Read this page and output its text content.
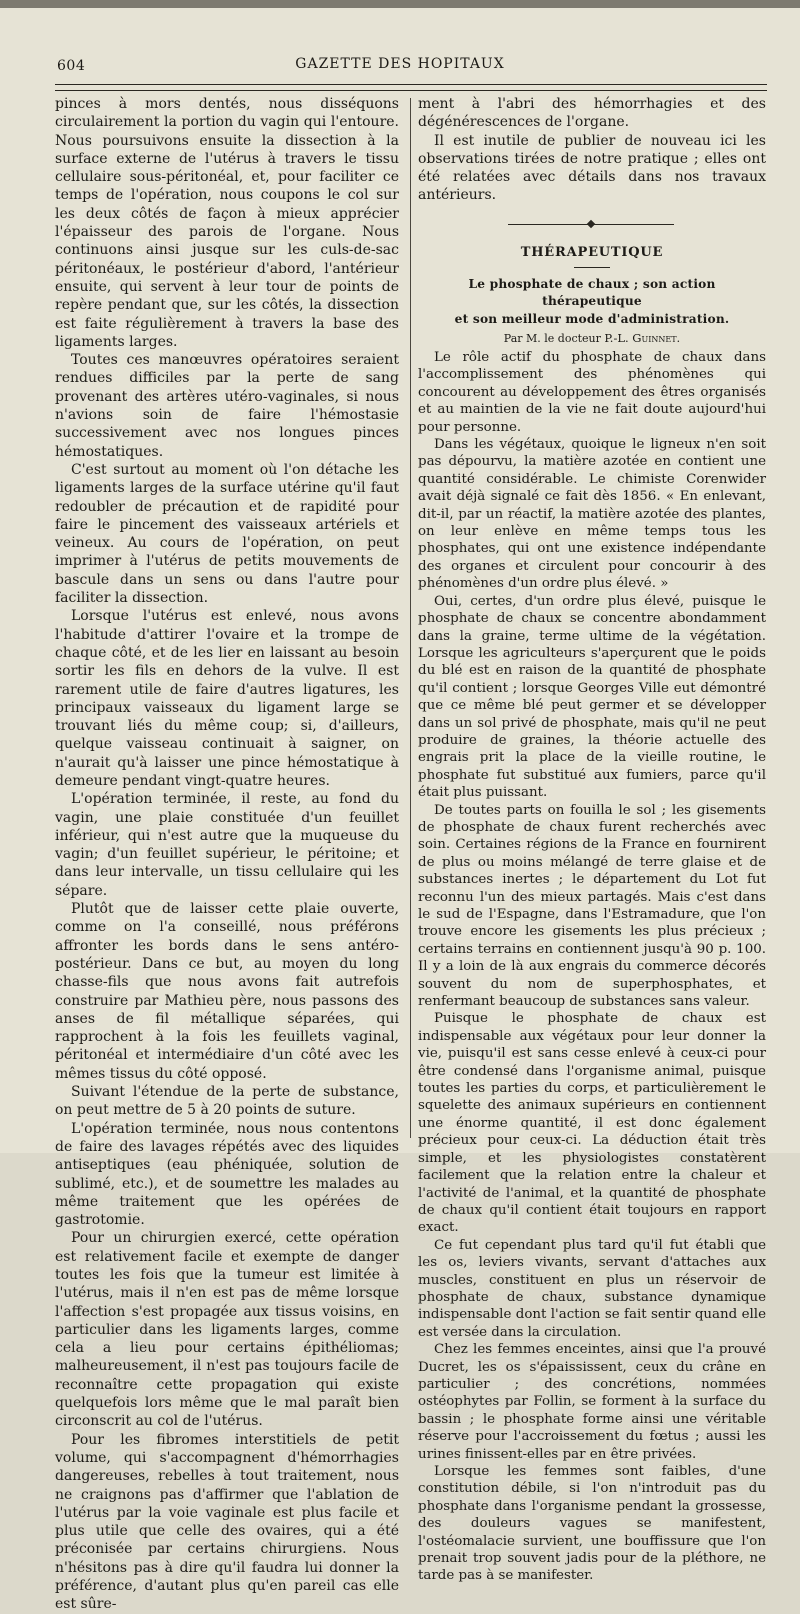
604	GAZETTE DES HOPITAUX

pinces à mors dentés, nous disséquons circulairement la portion du vagin qui l'entoure. Nous poursuivons ensuite la dissection à la surface externe de l'utérus à travers le tissu cellulaire sous-péritonéal, et, pour faciliter ce temps de l'opération, nous coupons le col sur les deux côtés de façon à mieux apprécier l'épaisseur des parois de l'organe. Nous continuons ainsi jusque sur les culs-de-sac péritonéaux, le postérieur d'abord, l'antérieur ensuite, qui servent à leur tour de points de repère pendant que, sur les côtés, la dissection est faite régulièrement à travers la base des ligaments larges.

Toutes ces manœuvres opératoires seraient rendues difficiles par la perte de sang provenant des artères utéro-vaginales, si nous n'avions soin de faire l'hémostasie successivement avec nos longues pinces hémostatiques.

C'est surtout au moment où l'on détache les ligaments larges de la surface utérine qu'il faut redoubler de précaution et de rapidité pour faire le pincement des vaisseaux artériels et veineux. Au cours de l'opération, on peut imprimer à l'utérus de petits mouvements de bascule dans un sens ou dans l'autre pour faciliter la dissection.

Lorsque l'utérus est enlevé, nous avons l'habitude d'attirer l'ovaire et la trompe de chaque côté, et de les lier en laissant au besoin sortir les fils en dehors de la vulve. Il est rarement utile de faire d'autres ligatures, les principaux vaisseaux du ligament large se trouvant liés du même coup; si, d'ailleurs, quelque vaisseau continuait à saigner, on n'aurait qu'à laisser une pince hémostatique à demeure pendant vingt-quatre heures.

L'opération terminée, il reste, au fond du vagin, une plaie constituée d'un feuillet inférieur, qui n'est autre que la muqueuse du vagin; d'un feuillet supérieur, le péritoine; et dans leur intervalle, un tissu cellulaire qui les sépare.

Plutôt que de laisser cette plaie ouverte, comme on l'a conseillé, nous préférons affronter les bords dans le sens antéro-postérieur. Dans ce but, au moyen du long chasse-fils que nous avons fait autrefois construire par Mathieu père, nous passons des anses de fil métallique séparées, qui rapprochent à la fois les feuillets vaginal, péritonéal et intermédiaire d'un côté avec les mêmes tissus du côté opposé.

Suivant l'étendue de la perte de substance, on peut mettre de 5 à 20 points de suture.

L'opération terminée, nous nous contentons de faire des lavages répétés avec des liquides antiseptiques (eau phéniquée, solution de sublimé, etc.), et de soumettre les malades au même traitement que les opérées de gastrotomie.

Pour un chirurgien exercé, cette opération est relativement facile et exempte de danger toutes les fois que la tumeur est limitée à l'utérus, mais il n'en est pas de même lorsque l'affection s'est propagée aux tissus voisins, en particulier dans les ligaments larges, comme cela a lieu pour certains épithéliomas; malheureusement, il n'est pas toujours facile de reconnaître cette propagation qui existe quelquefois lors même que le mal paraît bien circonscrit au col de l'utérus.

Pour les fibromes interstitiels de petit volume, qui s'accompagnent d'hémorrhagies dangereuses, rebelles à tout traitement, nous ne craignons pas d'affirmer que l'ablation de l'utérus par la voie vaginale est plus facile et plus utile que celle des ovaires, qui a été préconisée par certains chirurgiens. Nous n'hésitons pas à dire qu'il faudra lui donner la préférence, d'autant plus qu'en pareil cas elle est sûre-

ment à l'abri des hémorrhagies et des dégénérescences de l'organe.

Il est inutile de publier de nouveau ici les observations tirées de notre pratique ; elles ont été relatées avec détails dans nos travaux antérieurs.

THÉRAPEUTIQUE
Le phosphate de chaux ; son action thérapeutique
et son meilleur mode d'administration.
Par M. le docteur P.-L. Guinnet.

Le rôle actif du phosphate de chaux dans l'accomplissement des phénomènes qui concourent au développement des êtres organisés et au maintien de la vie ne fait doute aujourd'hui pour personne.

Dans les végétaux, quoique le ligneux n'en soit pas dépourvu, la matière azotée en contient une quantité considérable. Le chimiste Corenwider avait déjà signalé ce fait dès 1856. « En enlevant, dit-il, par un réactif, la matière azotée des plantes, on leur enlève en même temps tous les phosphates, qui ont une existence indépendante des organes et circulent pour concourir à des phénomènes d'un ordre plus élevé. »

Oui, certes, d'un ordre plus élevé, puisque le phosphate de chaux se concentre abondamment dans la graine, terme ultime de la végétation. Lorsque les agriculteurs s'aperçurent que le poids du blé est en raison de la quantité de phosphate qu'il contient ; lorsque Georges Ville eut démontré que ce même blé peut germer et se développer dans un sol privé de phosphate, mais qu'il ne peut produire de graines, la théorie actuelle des engrais prit la place de la vieille routine, le phosphate fut substitué aux fumiers, parce qu'il était plus puissant.

De toutes parts on fouilla le sol ; les gisements de phosphate de chaux furent recherchés avec soin. Certaines régions de la France en fournirent de plus ou moins mélangé de terre glaise et de substances inertes ; le département du Lot fut reconnu l'un des mieux partagés. Mais c'est dans le sud de l'Espagne, dans l'Estramadure, que l'on trouve encore les gisements les plus précieux ; certains terrains en contiennent jusqu'à 90 p. 100. Il y a loin de là aux engrais du commerce décorés souvent du nom de superphosphates, et renfermant beaucoup de substances sans valeur.

Puisque le phosphate de chaux est indispensable aux végétaux pour leur donner la vie, puisqu'il est sans cesse enlevé à ceux-ci pour être condensé dans l'organisme animal, puisque toutes les parties du corps, et particulièrement le squelette des animaux supérieurs en contiennent une énorme quantité, il est donc également précieux pour ceux-ci. La déduction était très simple, et les physiologistes constatèrent facilement que la relation entre la chaleur et l'activité de l'animal, et la quantité de phosphate de chaux qu'il contient était toujours en rapport exact.

Ce fut cependant plus tard qu'il fut établi que les os, leviers vivants, servant d'attaches aux muscles, constituent en plus un réservoir de phosphate de chaux, substance dynamique indispensable dont l'action se fait sentir quand elle est versée dans la circulation.

Chez les femmes enceintes, ainsi que l'a prouvé Ducret, les os s'épaississent, ceux du crâne en particulier ; des concrétions, nommées ostéophytes par Follin, se forment à la surface du bassin ; le phosphate forme ainsi une véritable réserve pour l'accroissement du fœtus ; aussi les urines finissent-elles par en être privées.

Lorsque les femmes sont faibles, d'une constitution débile, si l'on n'introduit pas du phosphate dans l'organisme pendant la grossesse, des douleurs vagues se manifestent, l'ostéomalacie survient, une bouffissure que l'on prenait trop souvent jadis pour de la pléthore, ne tarde pas à se manifester.
